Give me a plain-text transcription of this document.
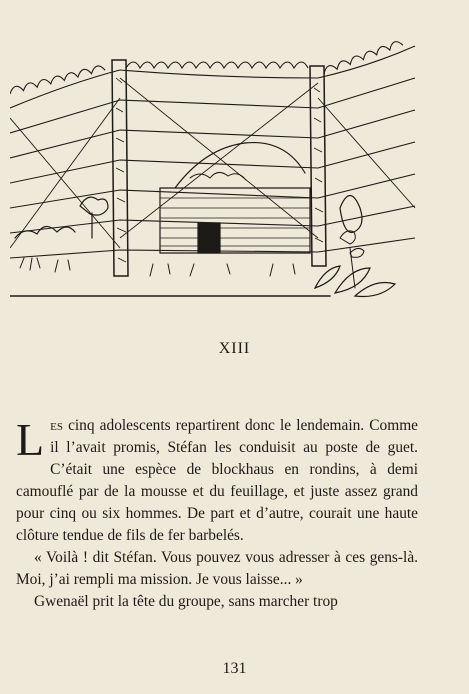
XIII

Les cinq adolescents repartirent donc le lendemain. Comme il l’avait promis, Stéfan les conduisit au poste de guet. C’était une espèce de blockhaus en rondins, à demi camouflé par de la mousse et du feuillage, et juste assez grand pour cinq ou six hommes. De part et d’autre, courait une haute clôture tendue de fils de fer barbelés.

« Voilà ! dit Stéfan. Vous pouvez vous adresser à ces gens-là. Moi, j’ai rempli ma mission. Je vous laisse... »

Gwenaël prit la tête du groupe, sans marcher trop

131
